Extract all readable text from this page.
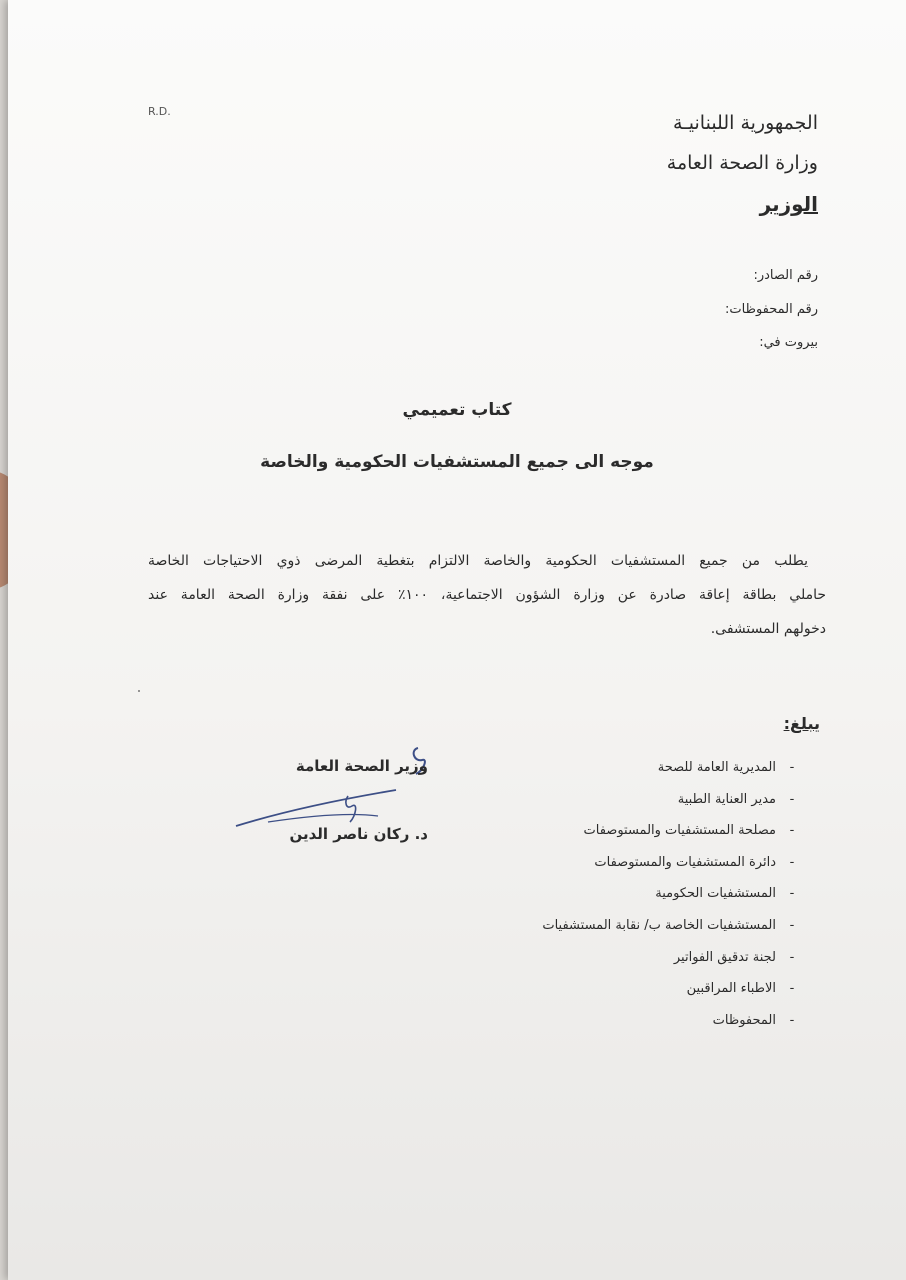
R.D.
الجمهورية اللبنانيـة
وزارة الصحة العامة
الوزير
رقم الصادر:
رقم المحفوظات:
بيروت في:
كتاب تعميمي
موجه الى جميع المستشفيات الحكومية والخاصة
يطلب من جميع المستشفيات الحكومية والخاصة الالتزام بتغطية المرضى ذوي الاحتياجات الخاصة
حاملي بطاقة إعاقة صادرة عن وزارة الشؤون الاجتماعية، ١٠٠٪ على نفقة وزارة الصحة العامة عند
دخولهم المستشفى.
يبلغ:
-
المديرية العامة للصحة
-
مدير العناية الطبية
-
مصلحة المستشفيات والمستوصفات
-
دائرة المستشفيات والمستوصفات
-
المستشفيات الحكومية
-
المستشفيات الخاصة ب/ نقابة المستشفيات
-
لجنة تدقيق الفواتير
-
الاطباء المراقبين
-
المحفوظات
وزير الصحة العامة
د. ركان ناصر الدين
